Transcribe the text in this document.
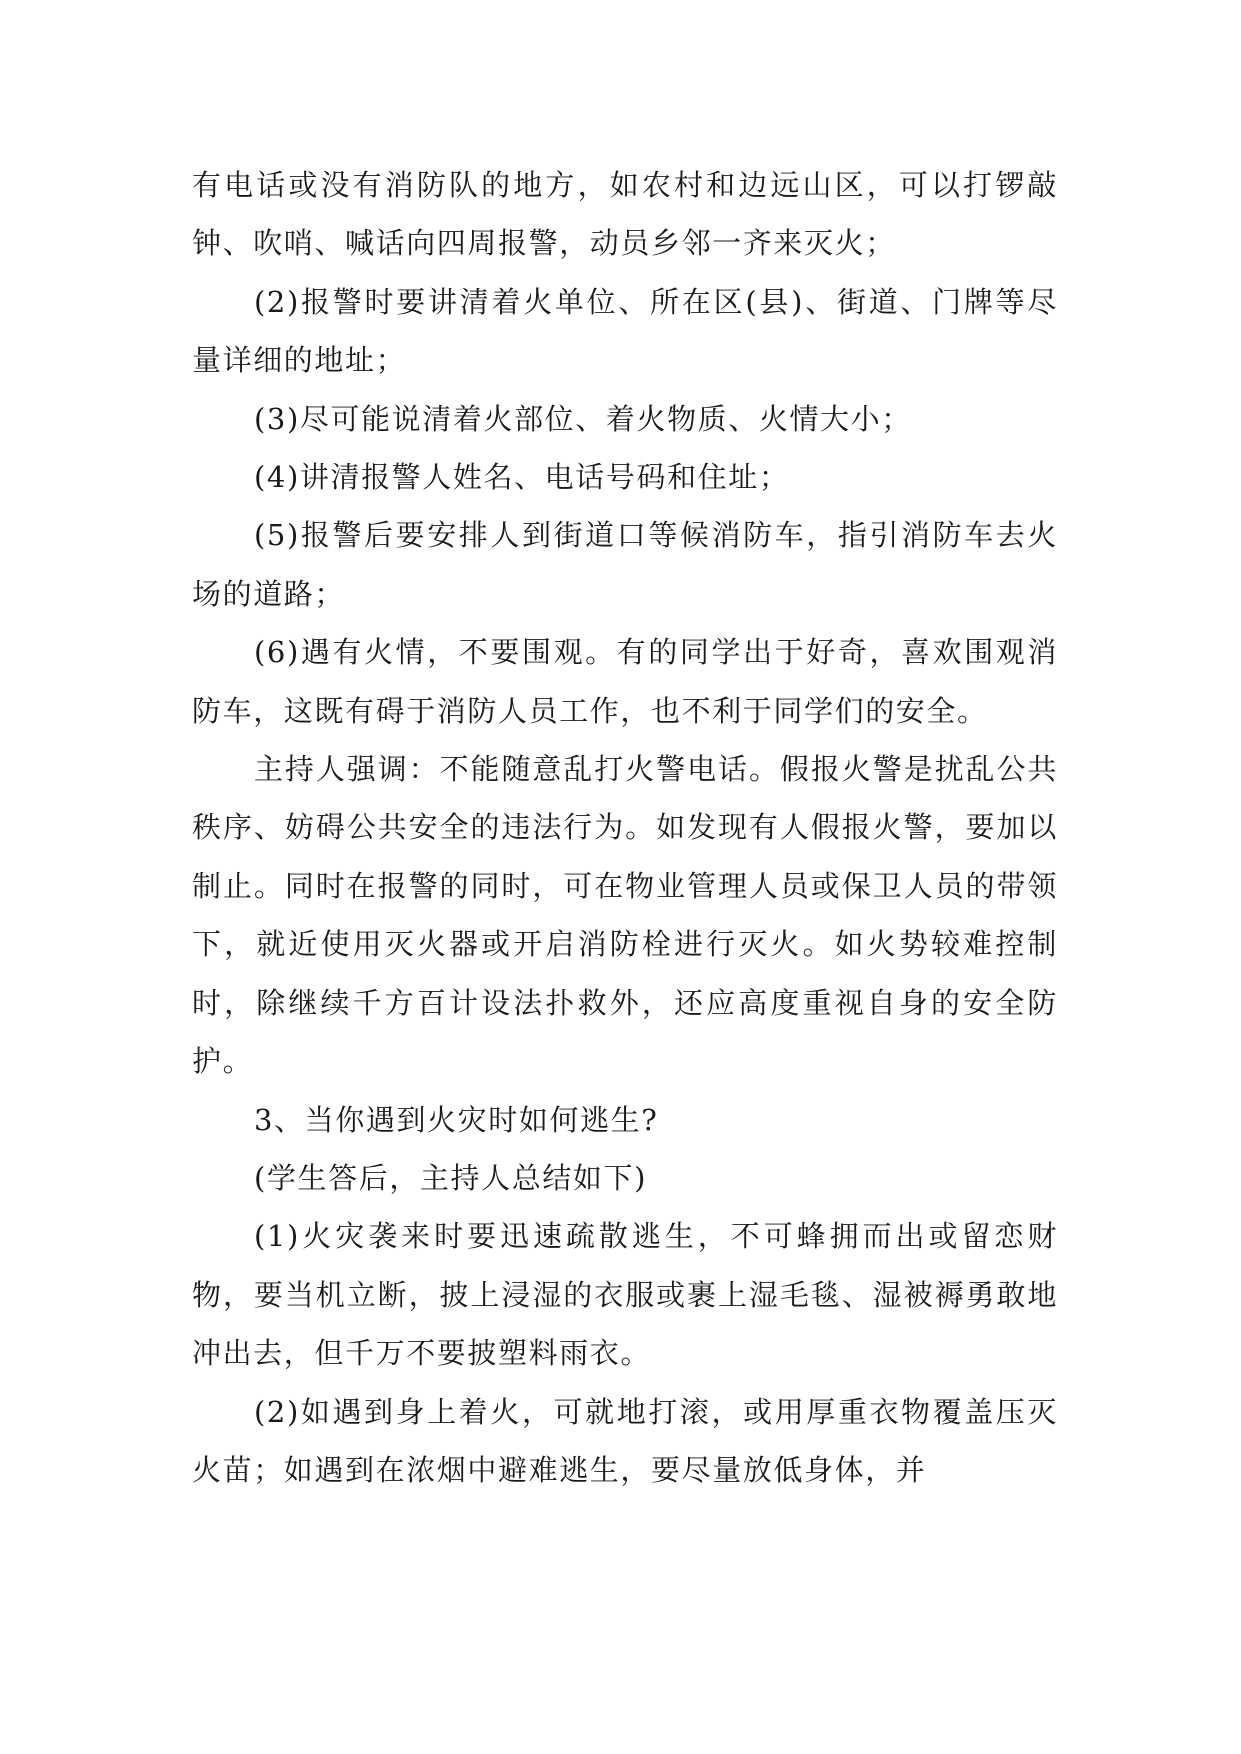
有电话或没有消防队的地方，如农村和边远山区，可以打锣敲钟、吹哨、喊话向四周报警，动员乡邻一齐来灭火；

(2)报警时要讲清着火单位、所在区(县)、街道、门牌等尽量详细的地址；

(3)尽可能说清着火部位、着火物质、火情大小；

(4)讲清报警人姓名、电话号码和住址；

(5)报警后要安排人到街道口等候消防车，指引消防车去火场的道路；

(6)遇有火情，不要围观。有的同学出于好奇，喜欢围观消防车，这既有碍于消防人员工作，也不利于同学们的安全。

主持人强调：不能随意乱打火警电话。假报火警是扰乱公共秩序、妨碍公共安全的违法行为。如发现有人假报火警，要加以制止。同时在报警的同时，可在物业管理人员或保卫人员的带领下，就近使用灭火器或开启消防栓进行灭火。如火势较难控制时，除继续千方百计设法扑救外，还应高度重视自身的安全防护。

3、当你遇到火灾时如何逃生?

(学生答后，主持人总结如下)

(1)火灾袭来时要迅速疏散逃生，不可蜂拥而出或留恋财物，要当机立断，披上浸湿的衣服或裹上湿毛毯、湿被褥勇敢地冲出去，但千万不要披塑料雨衣。

(2)如遇到身上着火，可就地打滚，或用厚重衣物覆盖压灭火苗；如遇到在浓烟中避难逃生，要尽量放低身体，并
